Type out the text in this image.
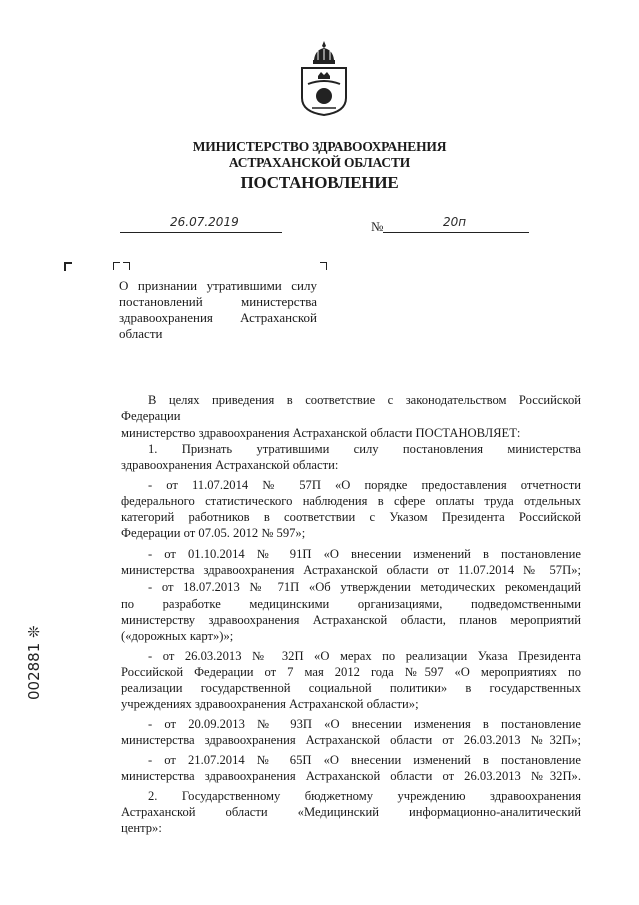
МИНИСТЕРСТВО ЗДРАВООХРАНЕНИЯ
АСТРАХАНСКОЙ ОБЛАСТИ
ПОСТАНОВЛЕНИЕ
26.07.2019	№	20п
О признании утратившими силу постановлений министерства здравоохранения Астраханской области
В целях приведения в соответствие с законодательством Российской
Федерации
министерство здравоохранения Астраханской области ПОСТАНОВЛЯЕТ:
1. Признать утратившими силу постановления министерства
здравоохранения Астраханской области:
- от 11.07.2014 № 57П «О порядке предоставления отчетности
федерального статистического наблюдения в сфере оплаты труда отдельных
категорий работников в соответствии с Указом Президента Российской
Федерации от 07.05. 2012 № 597»;
- от 01.10.2014 № 91П «О внесении изменений в постановление
министерства здравоохранения Астраханской области от 11.07.2014 № 57П»;
- от 18.07.2013 № 71П «Об утверждении методических рекомендаций
по разработке медицинскими организациями, подведомственными
министерству здравоохранения Астраханской области, планов мероприятий
(«дорожных карт»)»;
- от 26.03.2013 № 32П «О мерах по реализации Указа Президента
Российской Федерации от 7 мая 2012 года №597 «О мероприятиях по
реализации государственной социальной политики» в государственных
учреждениях здравоохранения Астраханской области»;
- от 20.09.2013 № 93П «О внесении изменения в постановление
министерства здравоохранения Астраханской области от 26.03.2013 №32П»;
- от 21.07.2014 № 65П «О внесении изменений в постановление
министерства здравоохранения Астраханской области от 26.03.2013 №32П».
2. Государственному бюджетному учреждению здравоохранения
Астраханской области «Медицинский информационно-аналитический
центр»:
002881 ❊
